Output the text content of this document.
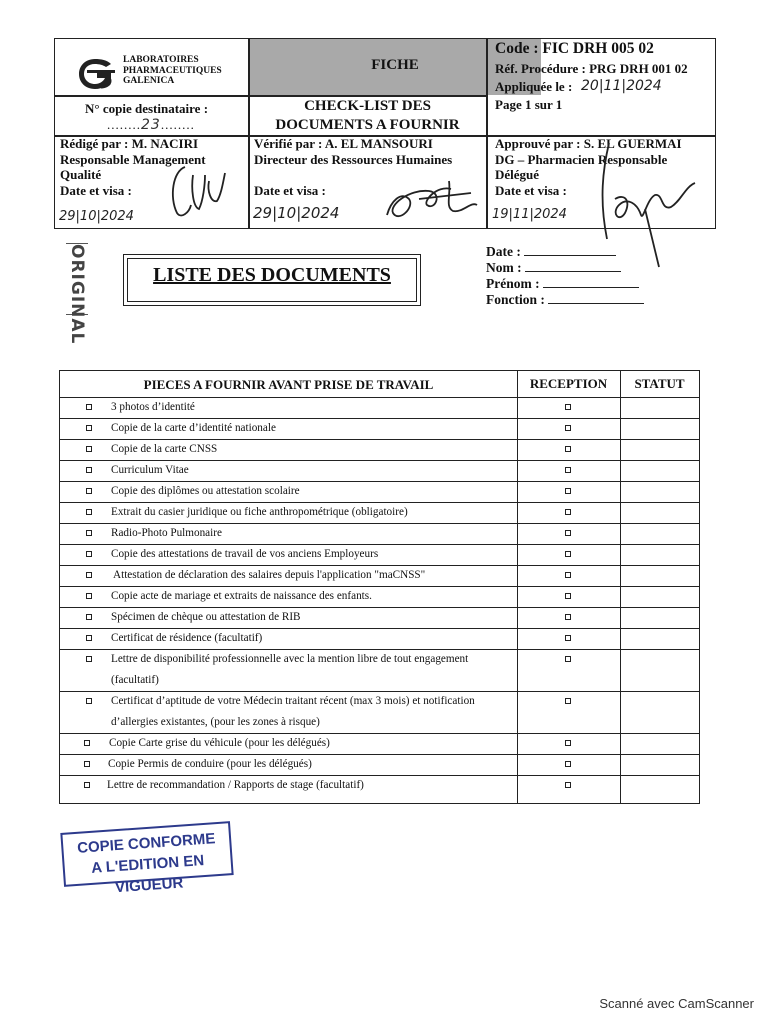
FICHE
LABORATOIRES
PHARMACEUTIQUES
GALENICA
Code : FIC DRH 005 02
Réf. Procédure : PRG DRH 001 02
Appliquée le : 20|11|2024
Page 1 sur 1
N° copie destinataire :
........23........
CHECK-LIST DES
DOCUMENTS A FOURNIR
Rédigé par : M. NACIRI
Responsable Management
Qualité
Date et visa :
29|10|2024
Vérifié par : A. EL MANSOURI
Directeur des Ressources Humaines
Date et visa :
29|10|2024
Approuvé par : S. EL GUERMAI
DG – Pharmacien Responsable
Délégué
Date et visa :
19|11|2024
ORIGINAL	LISTE DES DOCUMENTS
Date :
Nom :
Prénom :
Fonction :
PIECES A FOURNIR AVANT PRISE DE TRAVAIL	RECEPTION	STATUT
3 photos d’identité
Copie de la carte d’identité nationale
Copie de la carte CNSS
Curriculum Vitae
Copie des diplômes ou attestation scolaire
Extrait du casier juridique ou fiche anthropométrique (obligatoire)
Radio-Photo Pulmonaire
Copie des attestations de travail de vos anciens Employeurs
Attestation de déclaration des salaires depuis l'application "maCNSS"
Copie acte de mariage et extraits de naissance des enfants.
Spécimen de chèque ou attestation de RIB
Certificat de résidence (facultatif)
Lettre de disponibilité professionnelle avec la mention libre de tout engagement
(facultatif)
Certificat d’aptitude de votre Médecin traitant récent (max 3 mois) et notification
d’allergies existantes, (pour les zones à risque)
Copie Carte grise du véhicule (pour les délégués)
Copie Permis de conduire (pour les délégués)
Lettre de recommandation / Rapports de stage (facultatif)
COPIE CONFORME
A L'EDITION EN VIGUEUR
Scanné avec CamScanner
